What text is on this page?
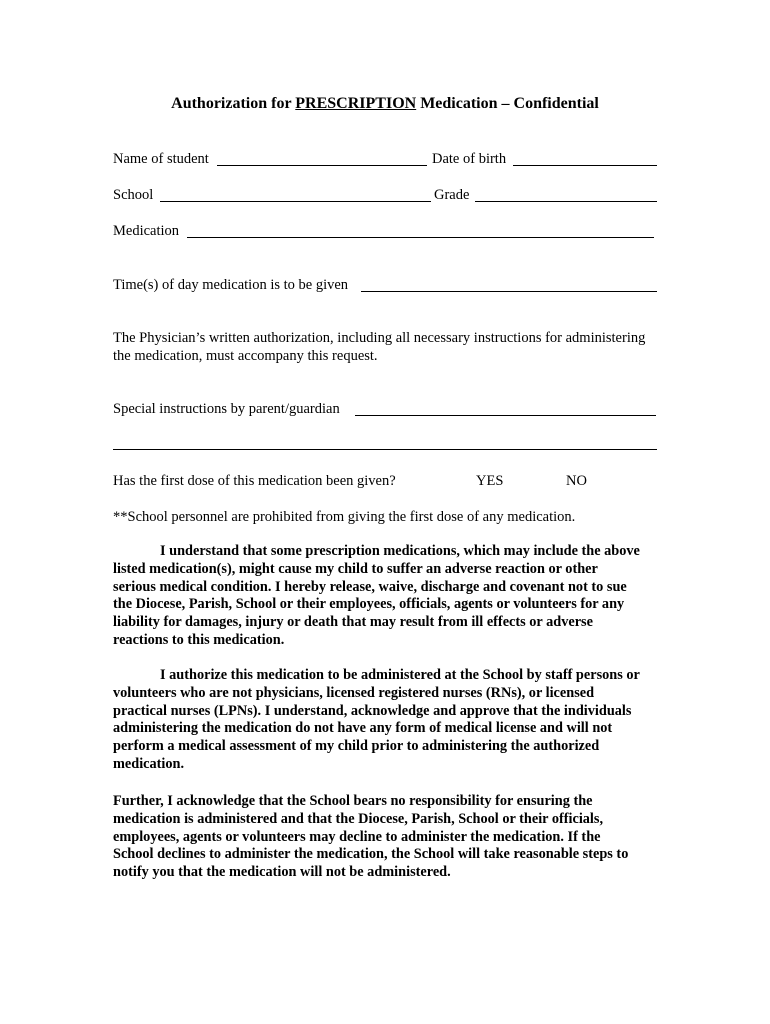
Authorization for PRESCRIPTION Medication – Confidential
Name of student	Date of birth
School	Grade
Medication
Time(s) of day medication is to be given
The Physician’s written authorization, including all necessary instructions for administering the medication, must accompany this request.
Special instructions by parent/guardian
Has the first dose of this medication been given?	YES	NO
**School personnel are prohibited from giving the first dose of any medication.
I understand that some prescription medications, which may include the above listed medication(s), might cause my child to suffer an adverse reaction or other serious medical condition. I hereby release, waive, discharge and covenant not to sue the Diocese, Parish, School or their employees, officials, agents or volunteers for any liability for damages, injury or death that may result from ill effects or adverse reactions to this medication.
I authorize this medication to be administered at the School by staff persons or volunteers who are not physicians, licensed registered nurses (RNs), or licensed practical nurses (LPNs). I understand, acknowledge and approve that the individuals administering the medication do not have any form of medical license and will not perform a medical assessment of my child prior to administering the authorized medication.
Further, I acknowledge that the School bears no responsibility for ensuring the medication is administered and that the Diocese, Parish, School or their officials, employees, agents or volunteers may decline to administer the medication. If the School declines to administer the medication, the School will take reasonable steps to notify you that the medication will not be administered.
